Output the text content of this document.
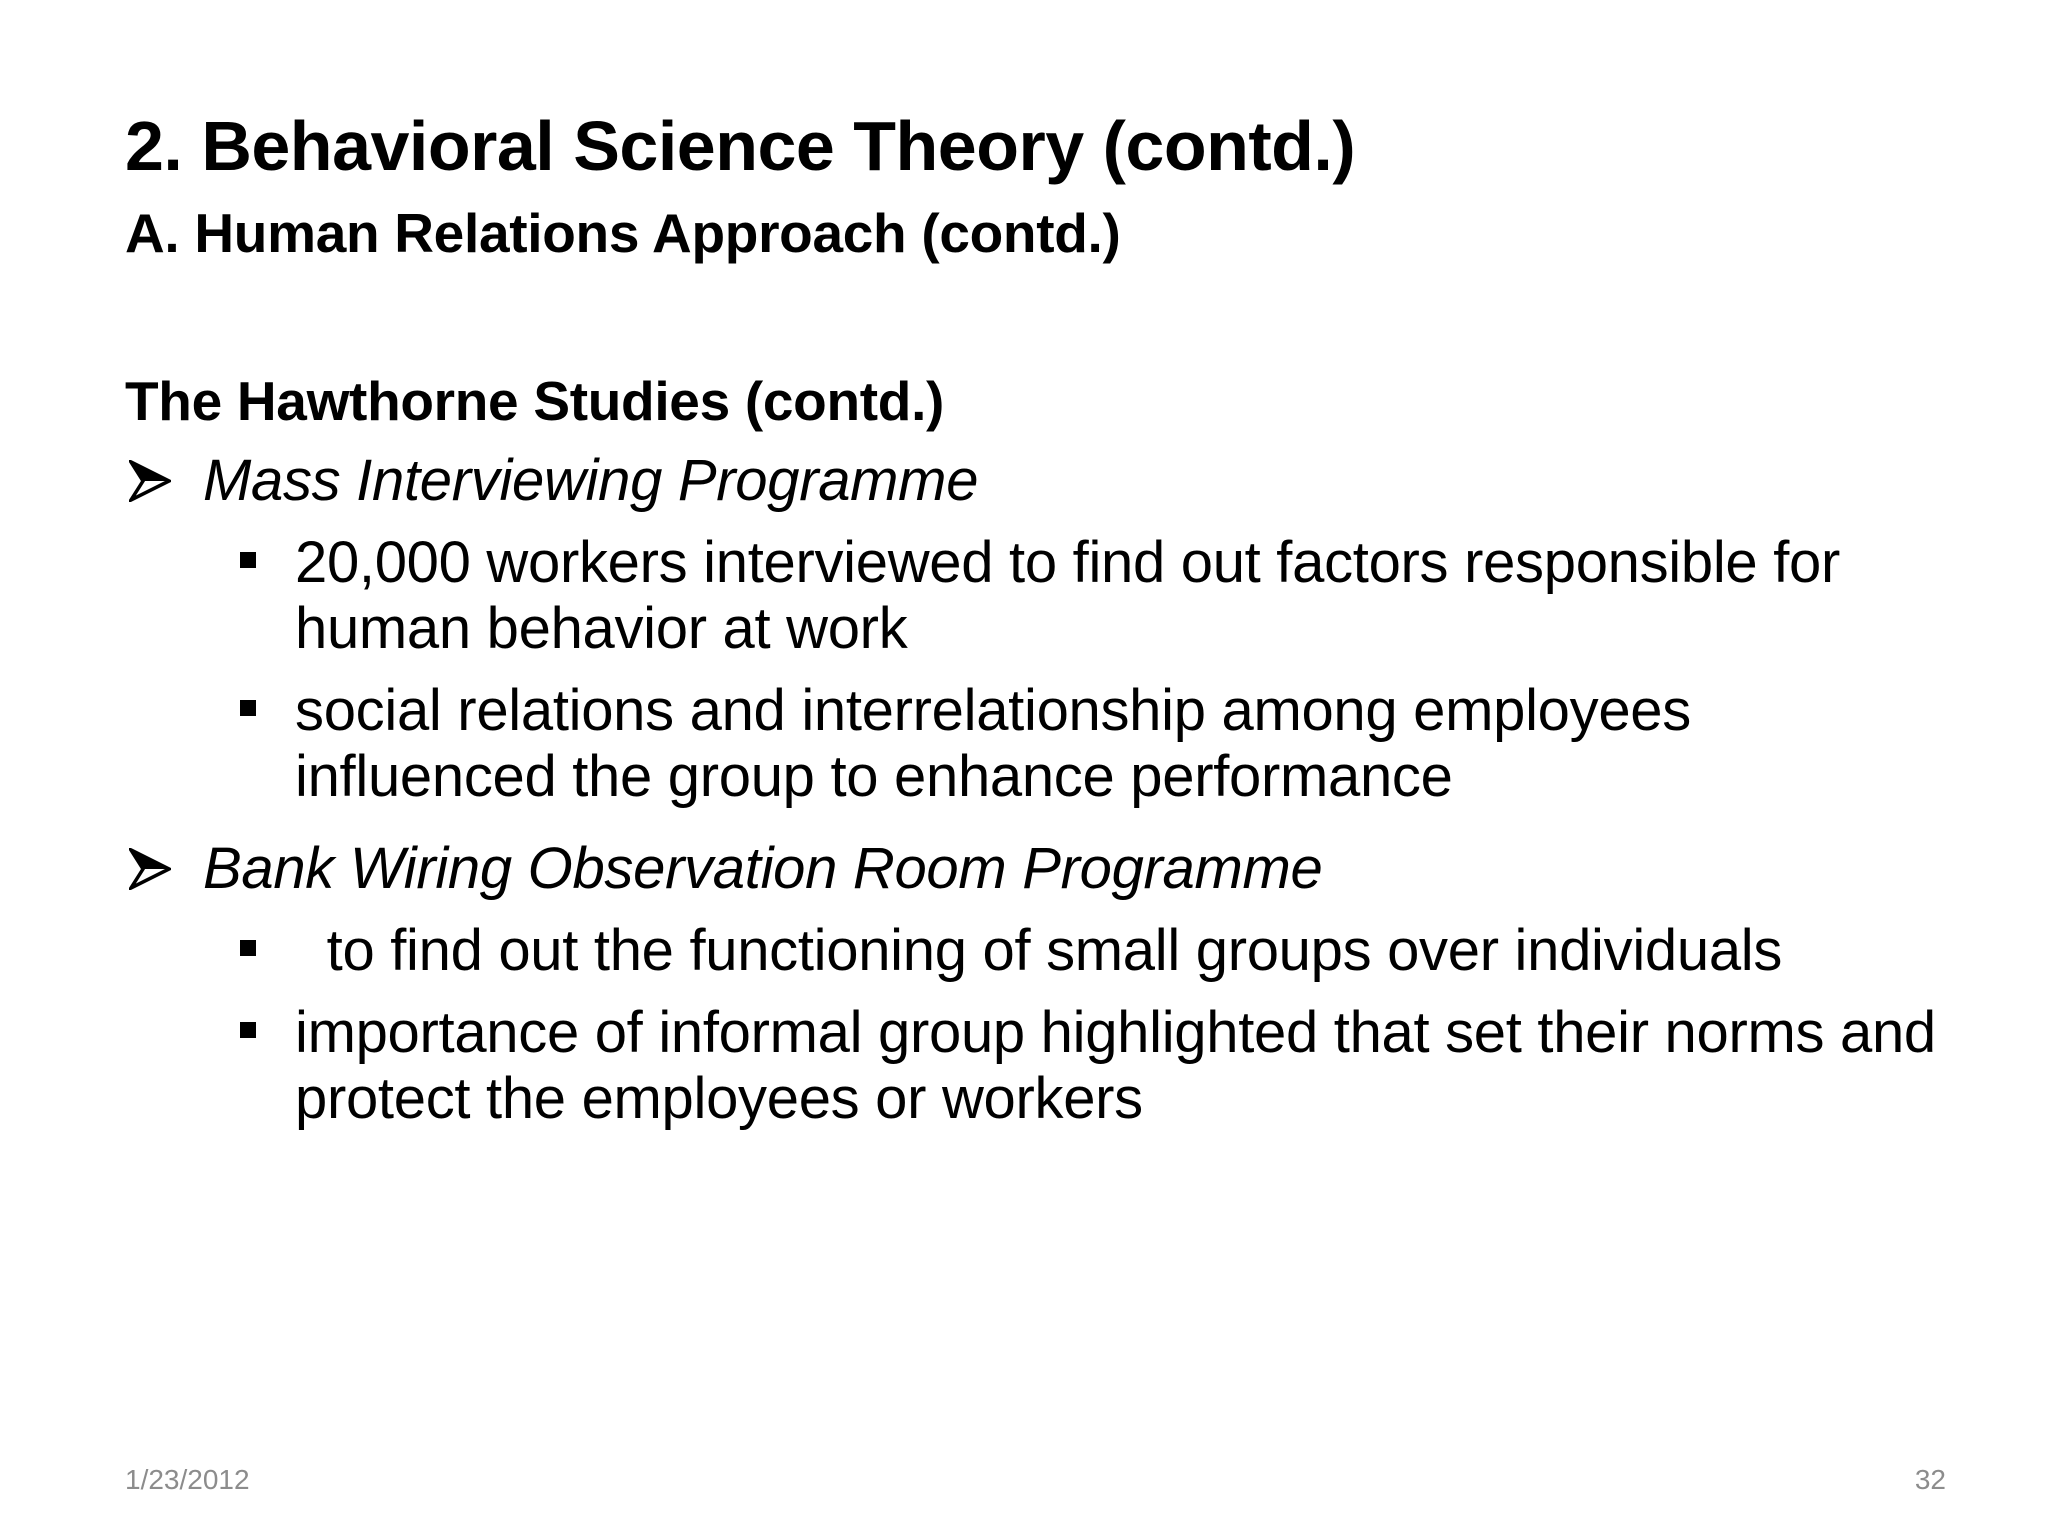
2. Behavioral Science Theory (contd.)
A. Human Relations Approach (contd.)
The Hawthorne Studies (contd.)
Mass Interviewing Programme
20,000 workers interviewed to find out factors responsible for human behavior at work
social relations and interrelationship among employees influenced the group to enhance performance
Bank Wiring Observation Room Programme
to find out the functioning of small groups over individuals
importance of informal group highlighted that set their norms and protect the employees or workers
1/23/2012	32
